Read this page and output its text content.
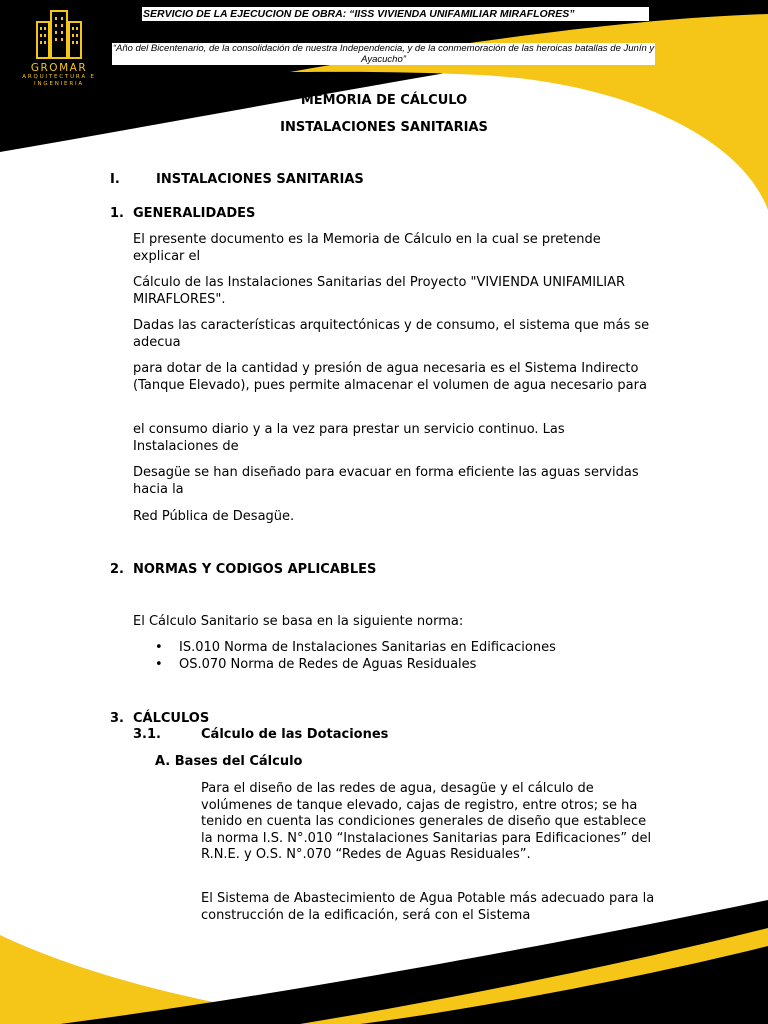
GROMAR
ARQUITECTURA E
INGENIERIA
SERVICIO DE LA EJECUCION DE OBRA: “IISS VIVIENDA UNIFAMILIAR MIRAFLORES”
“Año del Bicentenario, de la consolidación de nuestra Independencia, y de la conmemoración de las heroicas batallas de Junín y Ayacucho”
MEMORIA DE CÁLCULO
INSTALACIONES SANITARIAS
I.	INSTALACIONES SANITARIAS
1. GENERALIDADES
El presente documento es la Memoria de Cálculo en la cual se pretende explicar el
Cálculo de las Instalaciones Sanitarias del Proyecto "VIVIENDA UNIFAMILIAR MIRAFLORES".
Dadas las características arquitectónicas y de consumo, el sistema que más se adecua
para dotar de la cantidad y presión de agua necesaria es el Sistema Indirecto (Tanque Elevado), pues permite almacenar el volumen de agua necesario para
el consumo diario y a la vez para prestar un servicio continuo. Las Instalaciones de
Desagüe se han diseñado para evacuar en forma eficiente las aguas servidas hacia la
Red Pública de Desagüe.
2. NORMAS Y CODIGOS APLICABLES
El Cálculo Sanitario se basa en la siguiente norma:
• IS.010 Norma de Instalaciones Sanitarias en Edificaciones
• OS.070 Norma de Redes de Aguas Residuales
3. CÁLCULOS
3.1.	Cálculo de las Dotaciones
A. Bases del Cálculo
Para el diseño de las redes de agua, desagüe y el cálculo de volúmenes de tanque elevado, cajas de registro, entre otros; se ha tenido en cuenta las condiciones generales de diseño que establece la norma I.S. N°.010 “Instalaciones Sanitarias para Edificaciones” del R.N.E. y O.S. N°.070 “Redes de Aguas Residuales”.
El Sistema de Abastecimiento de Agua Potable más adecuado para la construcción de la edificación, será con el Sistema
